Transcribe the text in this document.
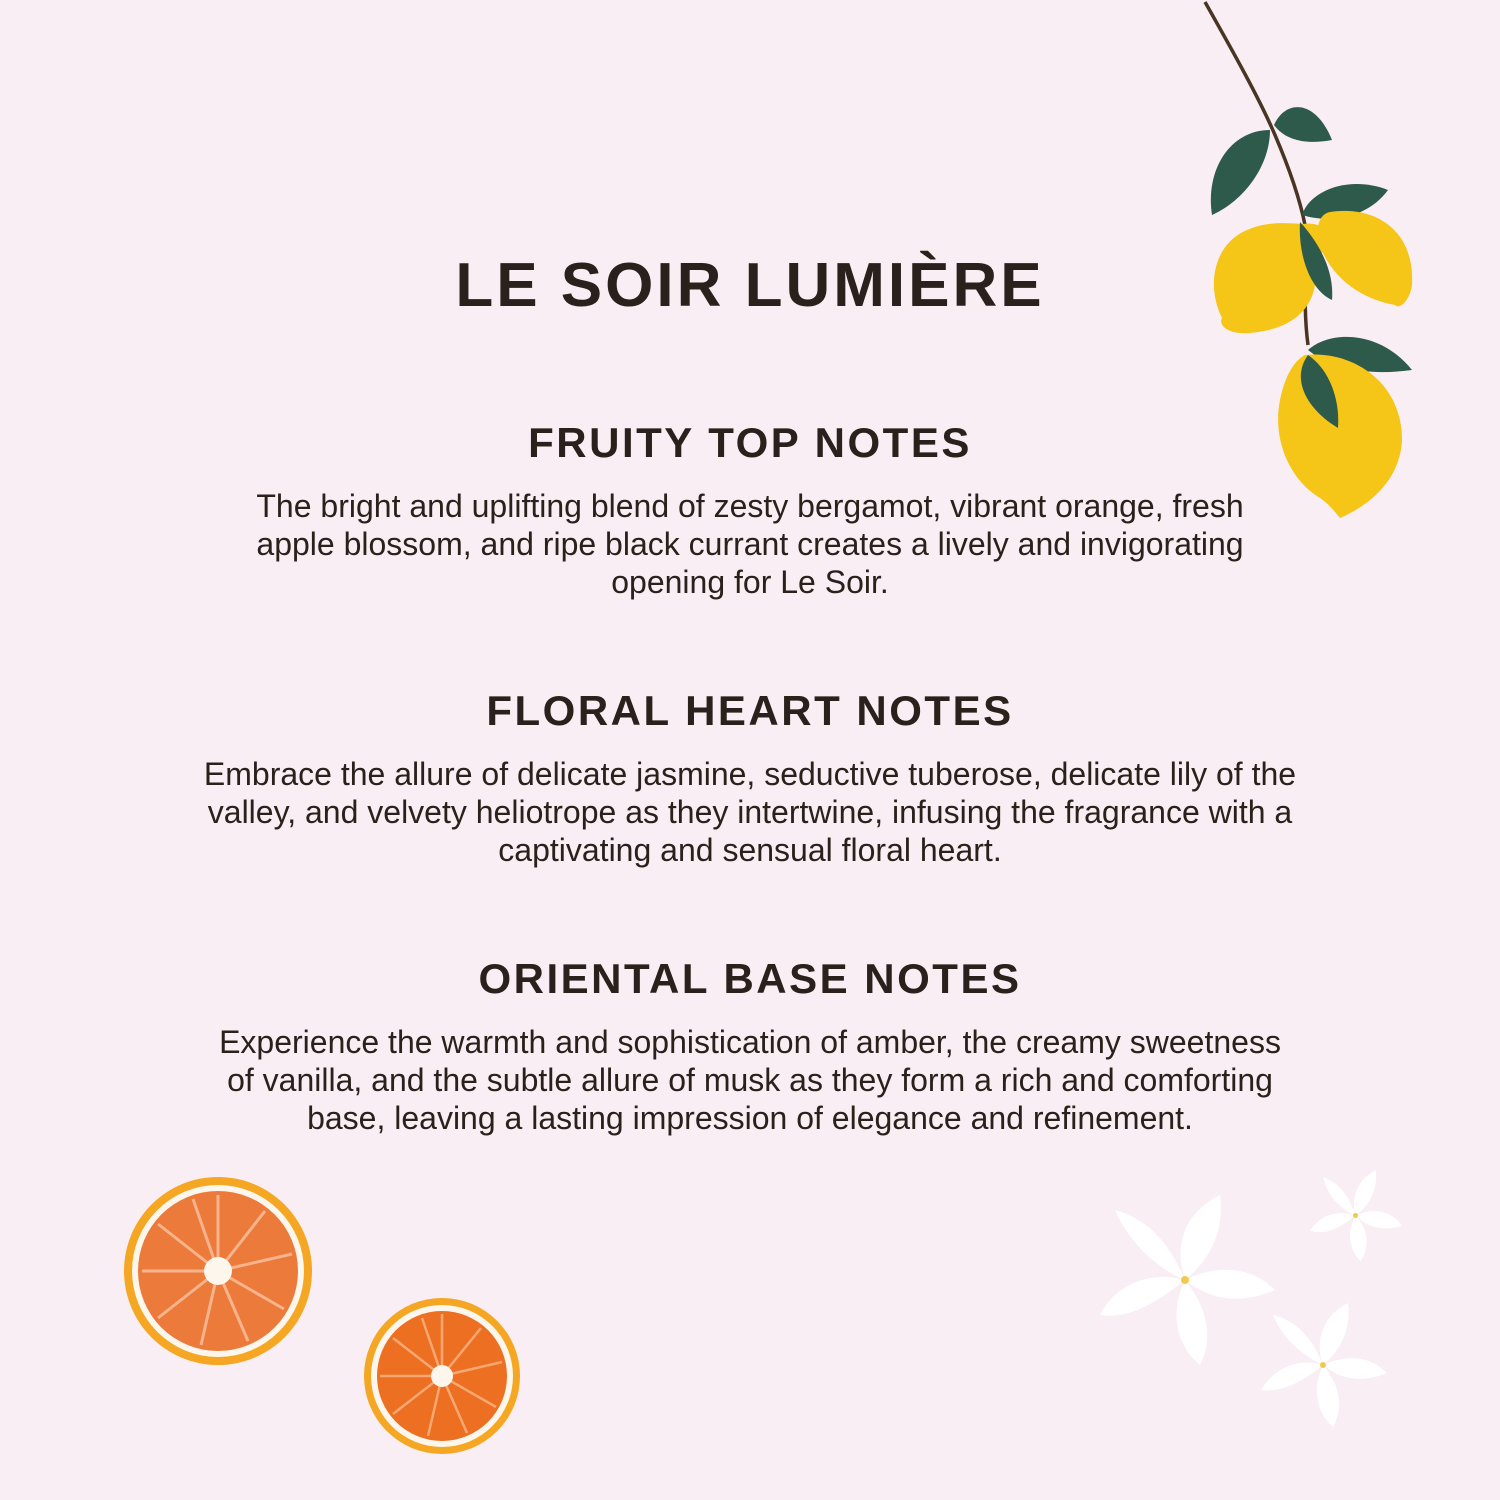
LE SOIR LUMIÈRE
FRUITY TOP NOTES

The bright and uplifting blend of zesty bergamot, vibrant orange, fresh apple blossom, and ripe black currant creates a lively and invigorating opening for Le Soir.

FLORAL HEART NOTES

Embrace the allure of delicate jasmine, seductive tuberose, delicate lily of the valley, and velvety heliotrope as they intertwine, infusing the fragrance with a captivating and sensual floral heart.

ORIENTAL BASE NOTES

Experience the warmth and sophistication of amber, the creamy sweetness of vanilla, and the subtle allure of musk as they form a rich and comforting base, leaving a lasting impression of elegance and refinement.
